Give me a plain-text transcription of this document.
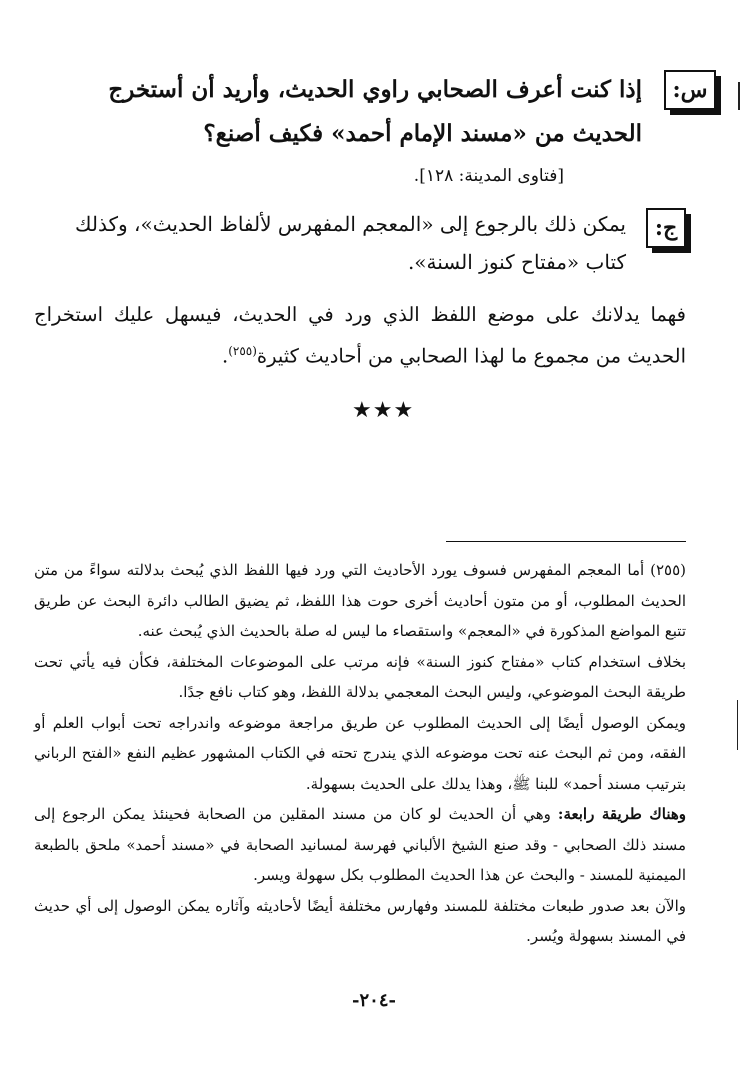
س:
إذا كنت أعرف الصحابي راوي الحديث، وأريد أن أستخرج الحديث من «مسند الإمام أحمد» فكيف أصنع؟
[فتاوى المدينة: ١٢٨].
ج:
يمكن ذلك بالرجوع إلى «المعجم المفهرس لألفاظ الحديث»، وكذلك كتاب «مفتاح كنوز السنة».
فهما يدلانك على موضع اللفظ الذي ورد في الحديث، فيسهل عليك استخراج الحديث من مجموع ما لهذا الصحابي من أحاديث كثيرة$^{(٢٥٥)}$.
★★★
(٢٥٥) أما المعجم المفهرس فسوف يورد الأحاديث التي ورد فيها اللفظ الذي يُبحث بدلالته سواءً من متن الحديث المطلوب، أو من متون أحاديث أخرى حوت هذا اللفظ، ثم يضيق الطالب دائرة البحث عن طريق تتبع المواضع المذكورة في «المعجم» واستقصاء ما ليس له صلة بالحديث الذي يُبحث عنه.
بخلاف استخدام كتاب «مفتاح كنوز السنة» فإنه مرتب على الموضوعات المختلفة، فكأن فيه يأتي تحت طريقة البحث الموضوعي، وليس البحث المعجمي بدلالة اللفظ، وهو كتاب نافع جدًا.
ويمكن الوصول أيضًا إلى الحديث المطلوب عن طريق مراجعة موضوعه واندراجه تحت أبواب العلم أو الفقه، ومن ثم البحث عنه تحت موضوعه الذي يندرج تحته في الكتاب المشهور عظيم النفع «الفتح الرباني بترتيب مسند أحمد» للبنا ﷺ، وهذا يدلك على الحديث بسهولة.
وهناك طريقة رابعة: وهي أن الحديث لو كان من مسند المقلين من الصحابة فحينئذ يمكن الرجوع إلى مسند ذلك الصحابي - وقد صنع الشيخ الألباني فهرسة لمسانيد الصحابة في «مسند أحمد» ملحق بالطبعة الميمنية للمسند - والبحث عن هذا الحديث المطلوب بكل سهولة ويسر.
والآن بعد صدور طبعات مختلفة للمسند وفهارس مختلفة أيضًا لأحاديثه وآثاره يمكن الوصول إلى أي حديث في المسند بسهولة ويُسر.
-٢٠٤-
